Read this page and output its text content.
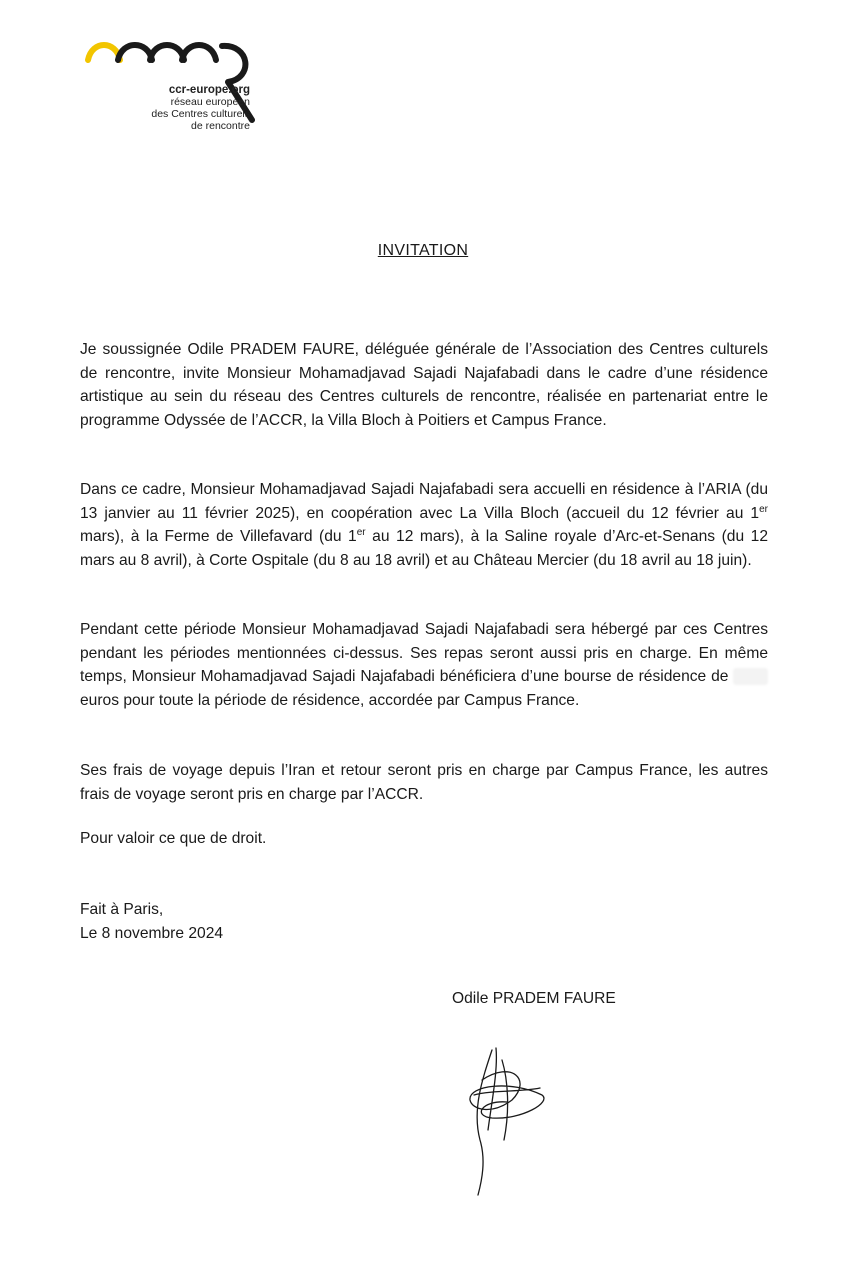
ccr-europe.org
réseau européen
des Centres culturels
de rencontre
INVITATION

Je soussignée Odile PRADEM FAURE, déléguée générale de l’Association des Centres culturels de rencontre, invite Monsieur Mohamadjavad Sajadi Najafabadi dans le cadre d’une résidence artistique au sein du réseau des Centres culturels de rencontre, réalisée en partenariat entre le programme Odyssée de l’ACCR, la Villa Bloch à Poitiers et Campus France.

Dans ce cadre, Monsieur Mohamadjavad Sajadi Najafabadi sera accuelli en résidence à l’ARIA (du 13 janvier au 11 février 2025), en coopération avec La Villa Bloch (accueil du 12 février au 1er mars), à la Ferme de Villefavard (du 1er au 12 mars), à la Saline royale d’Arc-et-Senans (du 12 mars au 8 avril), à Corte Ospitale (du 8 au 18 avril) et au Château Mercier (du 18 avril au 18 juin).

Pendant cette période Monsieur Mohamadjavad Sajadi Najafabadi sera hébergé par ces Centres pendant les périodes mentionnées ci-dessus. Ses repas seront aussi pris en charge. En même temps, Monsieur Mohamadjavad Sajadi Najafabadi bénéficiera d’une bourse de résidence de euros pour toute la période de résidence, accordée par Campus France.

Ses frais de voyage depuis l’Iran et retour seront pris en charge par Campus France, les autres frais de voyage seront pris en charge par l’ACCR.

Pour valoir ce que de droit.

Fait à Paris,
Le 8 novembre 2024
Odile PRADEM FAURE
